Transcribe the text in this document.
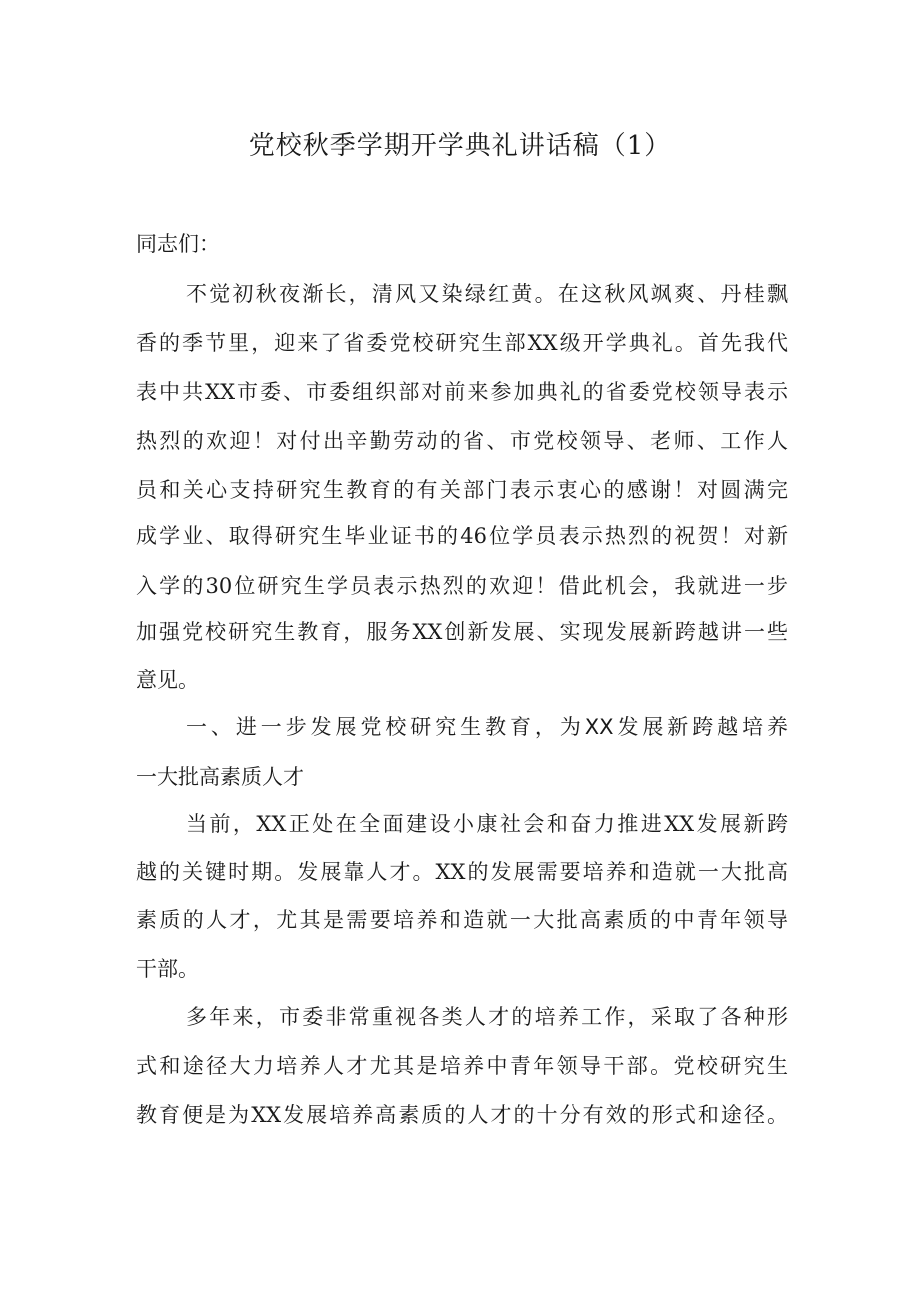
党校秋季学期开学典礼讲话稿（1）

同志们：

不觉初秋夜渐长，清风又染绿红黄。在这秋风飒爽、丹桂飘

香的季节里，迎来了省委党校研究生部XX级开学典礼。首先我代

表中共XX市委、市委组织部对前来参加典礼的省委党校领导表示

热烈的欢迎！对付出辛勤劳动的省、市党校领导、老师、工作人

员和关心支持研究生教育的有关部门表示衷心的感谢！对圆满完

成学业、取得研究生毕业证书的46位学员表示热烈的祝贺！对新

入学的30位研究生学员表示热烈的欢迎！借此机会，我就进一步

加强党校研究生教育，服务XX创新发展、实现发展新跨越讲一些

意见。

一、进一步发展党校研究生教育，为XX发展新跨越培养

一大批高素质人才

当前，XX正处在全面建设小康社会和奋力推进XX发展新跨

越的关键时期。发展靠人才。XX的发展需要培养和造就一大批高

素质的人才，尤其是需要培养和造就一大批高素质的中青年领导

干部。

多年来，市委非常重视各类人才的培养工作，采取了各种形

式和途径大力培养人才尤其是培养中青年领导干部。党校研究生

教育便是为XX发展培养高素质的人才的十分有效的形式和途径。
